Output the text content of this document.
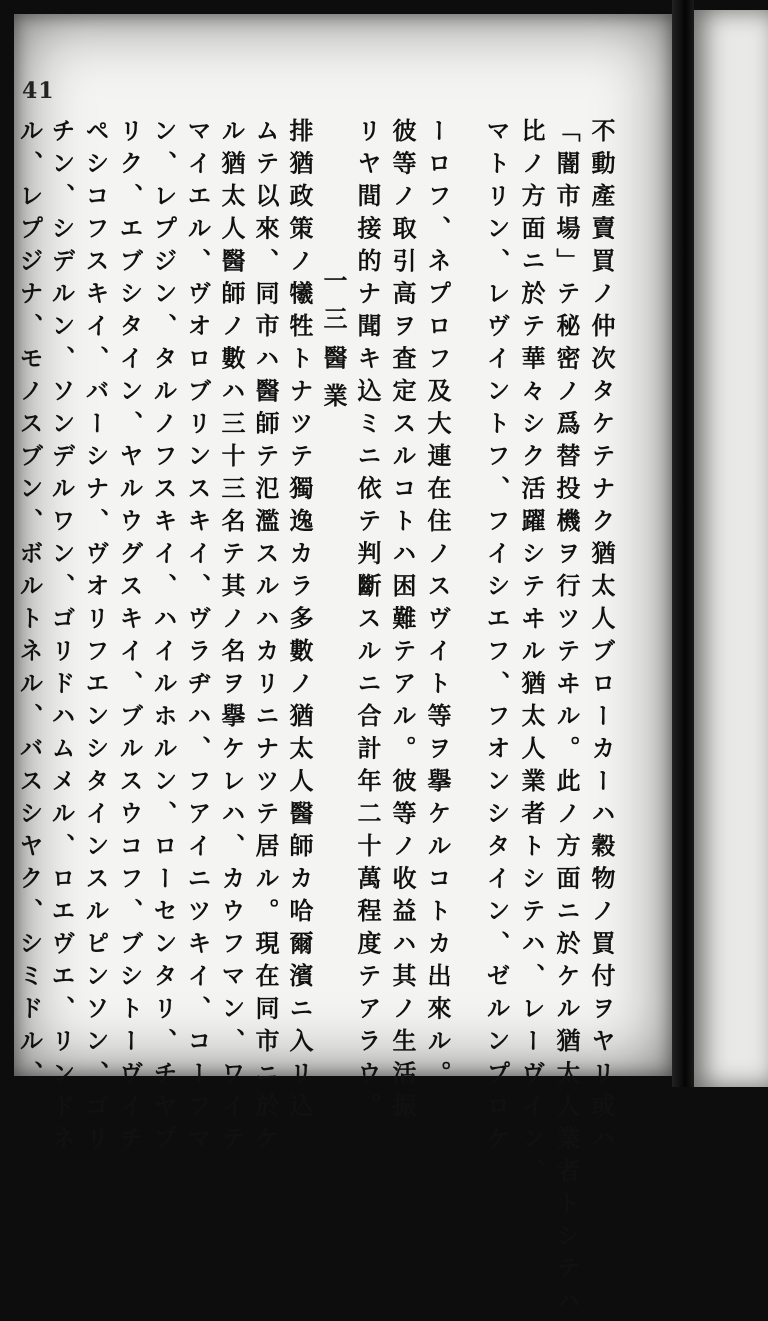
41
一三
醫業	不動產賣買ノ仲次タケテナク猶太人ブローカーハ穀物ノ買付ヲヤリ或ハ
「闇市場」テ秘密ノ爲替投機ヲ行ツテヰル。此ノ方面ニ於ケル猶太人業者トシテハ
比ノ方面ニ於テ華々シク活躍シテヰル猶太人業者トシテハ、レーヴイン、
マトリン、レヴイントフ、フイシエフ、フオンシタイン、ゼルンプロケ
ーロフ、ネプロフ及大連在住ノスヴイト等ヲ擧ケルコトカ出來ル。
彼等ノ取引高ヲ査定スルコトハ困難テアル。彼等ノ收益ハ其ノ生活振
リヤ間接的ナ聞キ込ミニ依テ判斷スルニ合計年二十萬程度テアラウ。
排猶政策ノ犧牲トナツテ獨逸カラ多數ノ猶太人醫師カ哈爾濱ニ入リ込
ムテ以來、同市ハ醫師テ氾濫スルハカリニナツテ居ル。現在同市ニ於ケ
ル猶太人醫師ノ數ハ三十三名テ其ノ名ヲ擧ケレハ、カウフマン、ワイテ
マイエル、ヴオロブリンスキイ、ヴラヂハ、フアイニツキイ、コーフマ
ン、レプジン、タルノフスキイ、ハイルホルン、ローセンタリ、チヤプ
リク、エブシタイン、ヤルウグスキイ、ブルスウコフ、ブシトーヴイチ
ペシコフスキイ、バーシナ、ヴオリフエンシタインスルピンソン、ゴリ
チン、シデルン、ソンデルワン、ゴリドハムメル、ロエヴエ、リンドネ
ル、レプジナ、モノスブン、ボルトネル、バスシヤク、シミドル、
